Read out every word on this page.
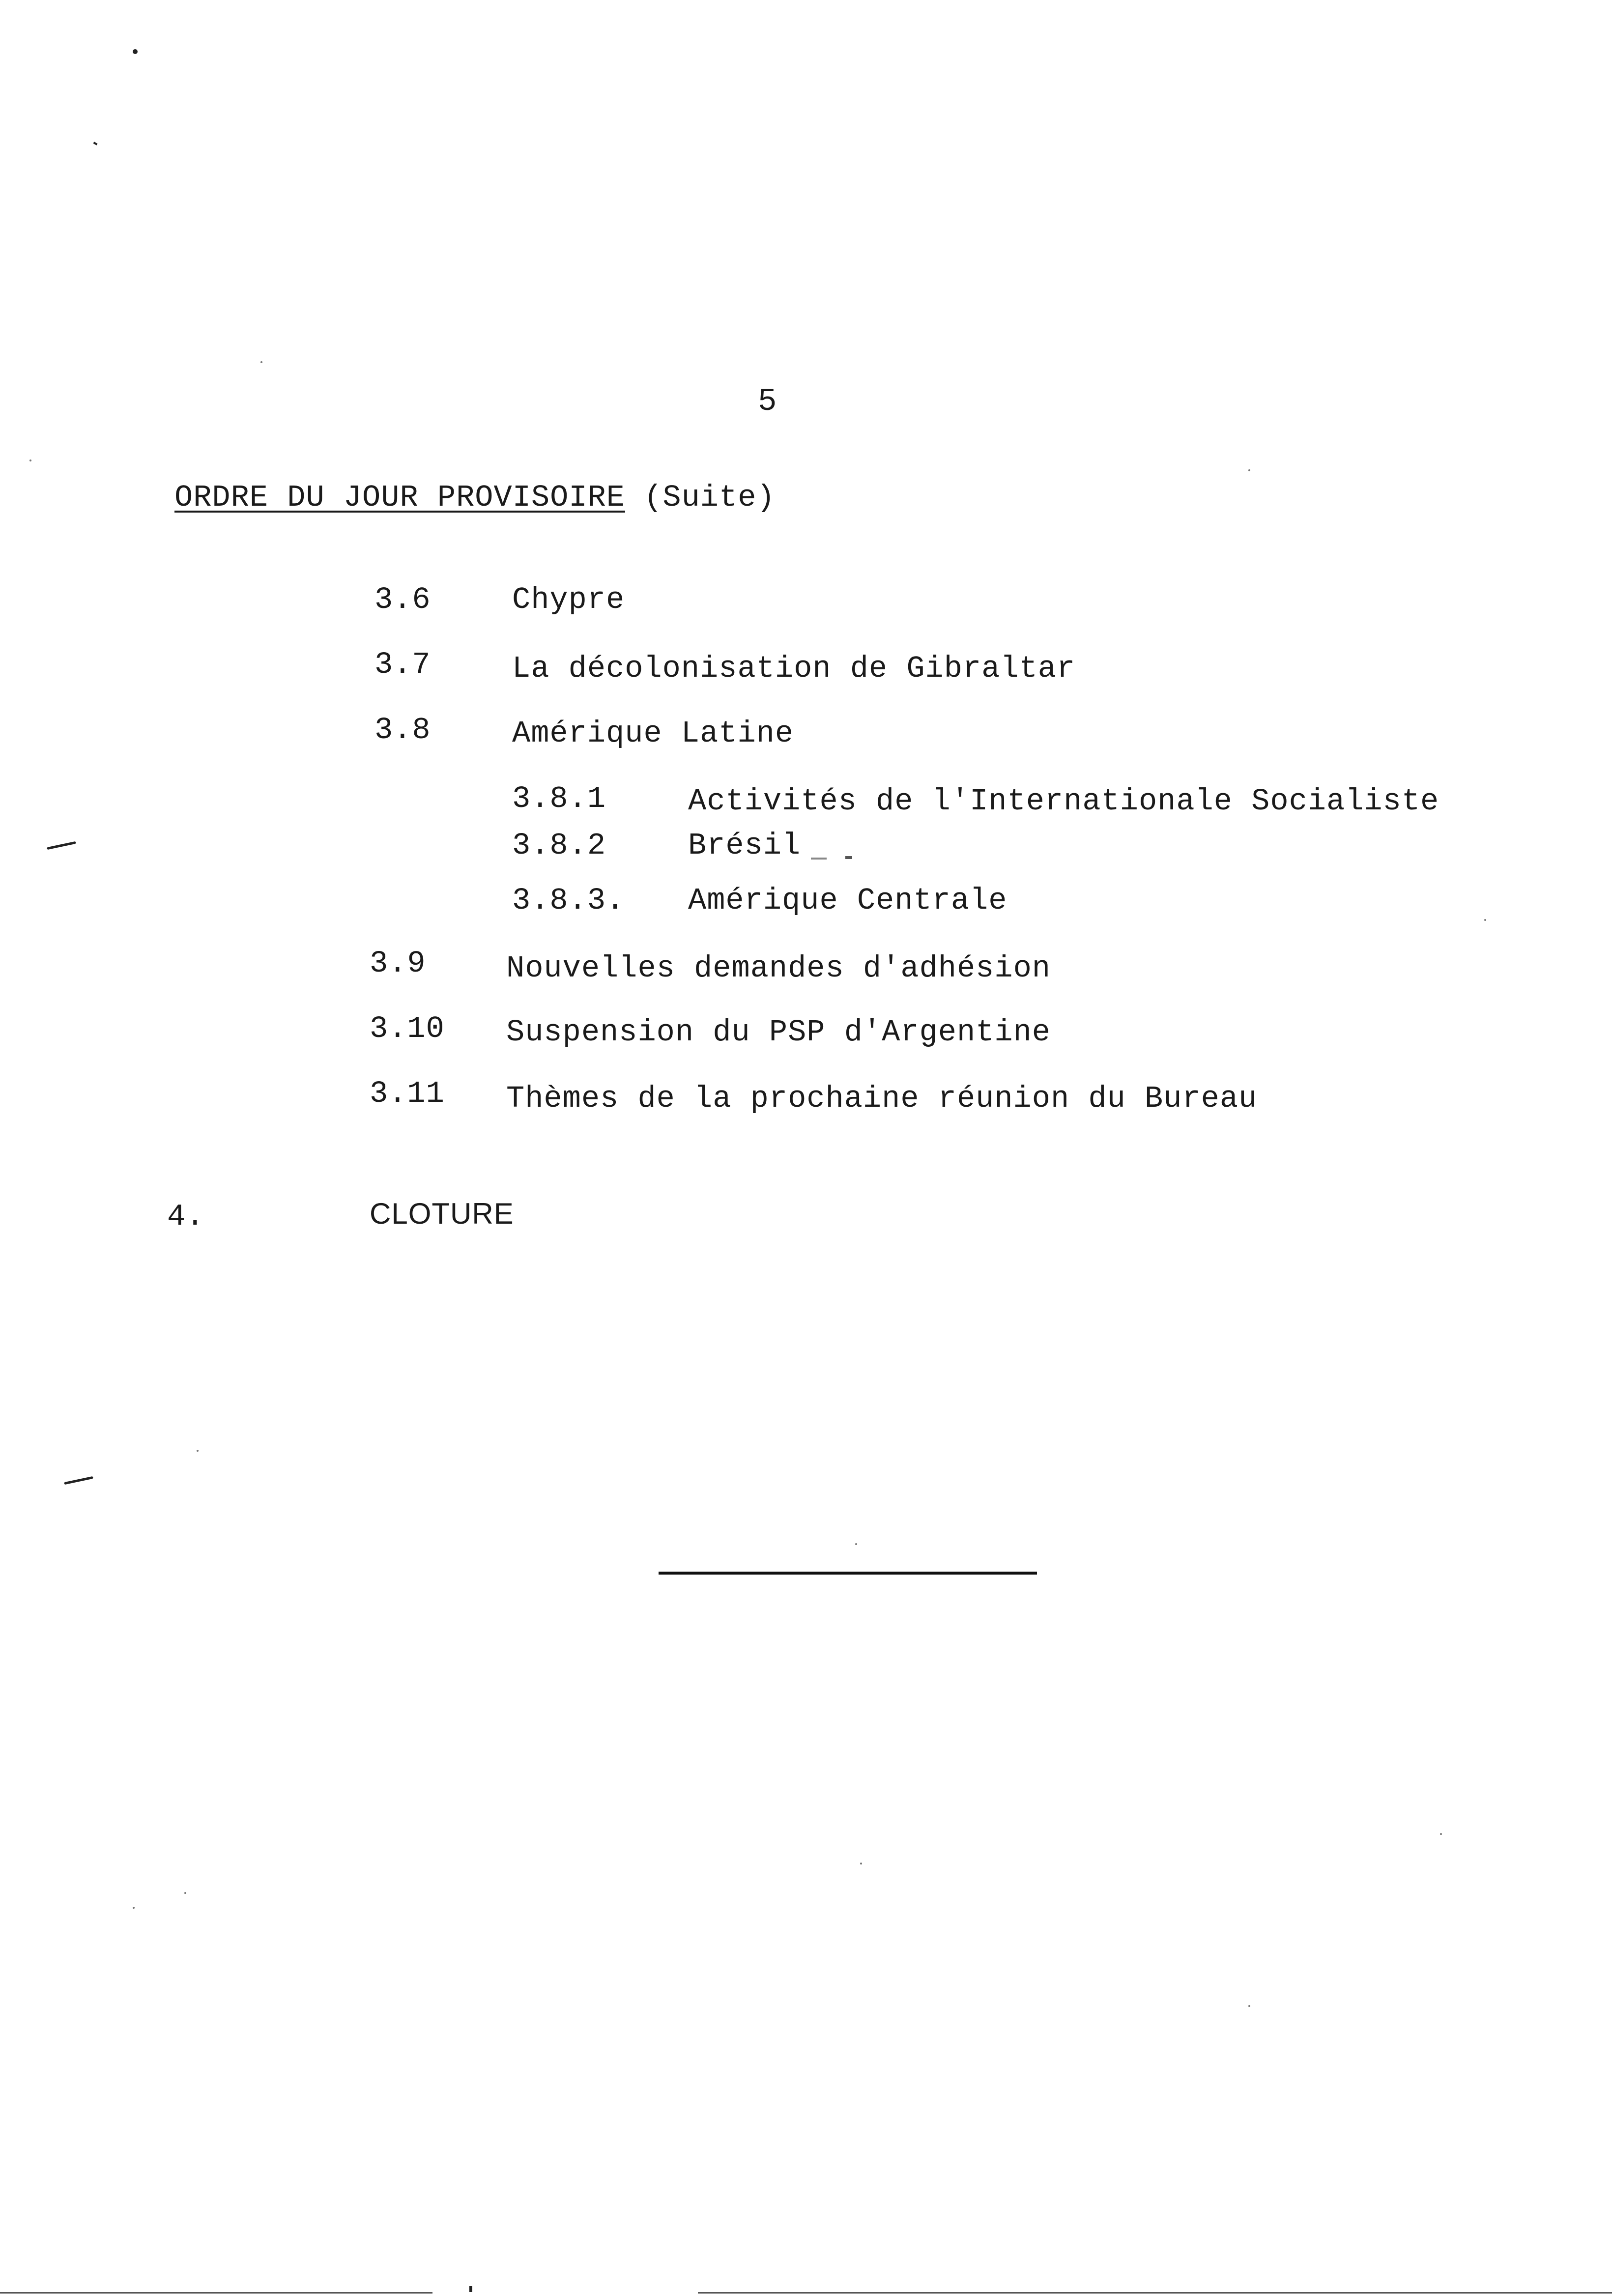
5
ORDRE DU JOUR PROVISOIRE (Suite)
3.6	Chypre
3.7	La décolonisation de Gibraltar
3.8	Amérique Latine
3.8.1	Activités de l'Internationale Socialiste
3.8.2	Brésil
3.8.3. Amérique Centrale
3.9	Nouvelles demandes d'adhésion
3.10 Suspension du PSP d'Argentine
3.11 Thèmes de la prochaine réunion du Bureau
4.	CLOTURE
